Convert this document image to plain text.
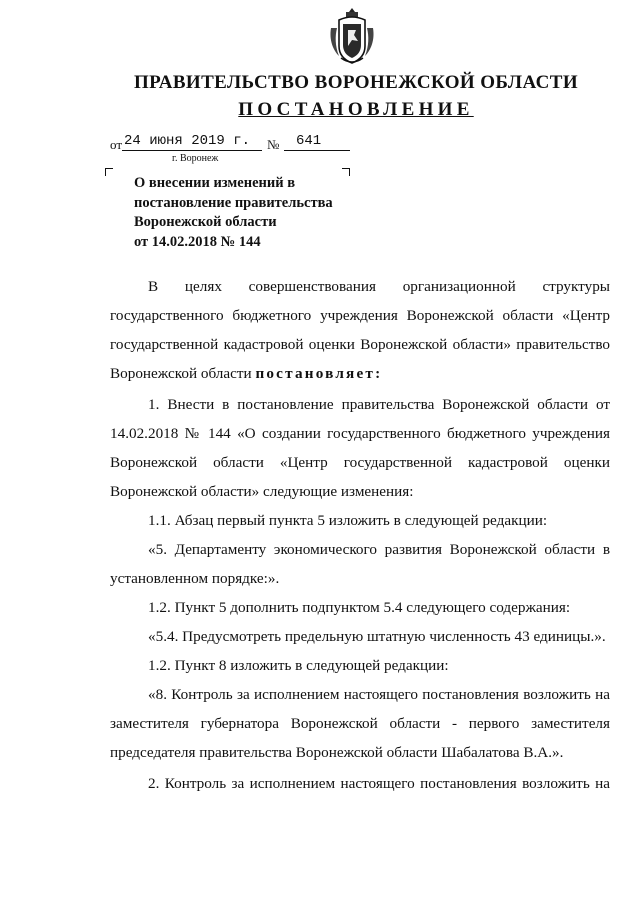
ПРАВИТЕЛЬСТВО ВОРОНЕЖСКОЙ ОБЛАСТИ
ПОСТАНОВЛЕНИЕ
от 24 июня 2019 г. № 641
г. Воронеж
О внесении изменений в
постановление правительства
Воронежской области
от 14.02.2018 № 144
В целях совершенствования организационной структуры
государственного бюджетного учреждения Воронежской области «Центр
государственной кадастровой оценки Воронежской области» правительство
Воронежской области постановляет:
1. Внести в постановление правительства Воронежской области от
14.02.2018 № 144 «О создании государственного бюджетного учреждения
Воронежской области «Центр государственной кадастровой оценки
Воронежской области» следующие изменения:
1.1. Абзац первый пункта 5 изложить в следующей редакции:
«5. Департаменту экономического развития Воронежской области в
установленном порядке:».
1.2. Пункт 5 дополнить подпунктом 5.4 следующего содержания:
«5.4. Предусмотреть предельную штатную численность 43 единицы.».
1.2. Пункт 8 изложить в следующей редакции:
«8. Контроль за исполнением настоящего постановления возложить на
заместителя губернатора Воронежской области - первого заместителя
председателя правительства Воронежской области Шабалатова В.А.».
2. Контроль за исполнением настоящего постановления возложить на
